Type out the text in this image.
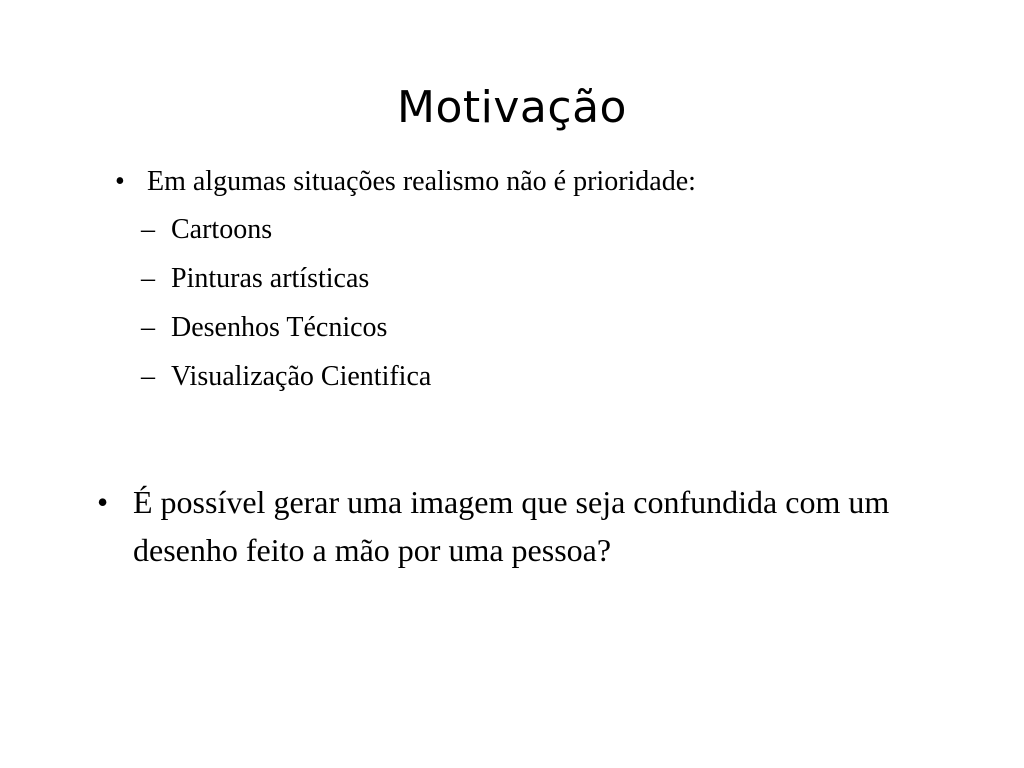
Motivação
• Em algumas situações realismo não é prioridade:
– Cartoons
– Pinturas artísticas
– Desenhos Técnicos
– Visualização Cientifica
• É possível gerar uma imagem que seja confundida com um desenho feito a mão por uma pessoa?
